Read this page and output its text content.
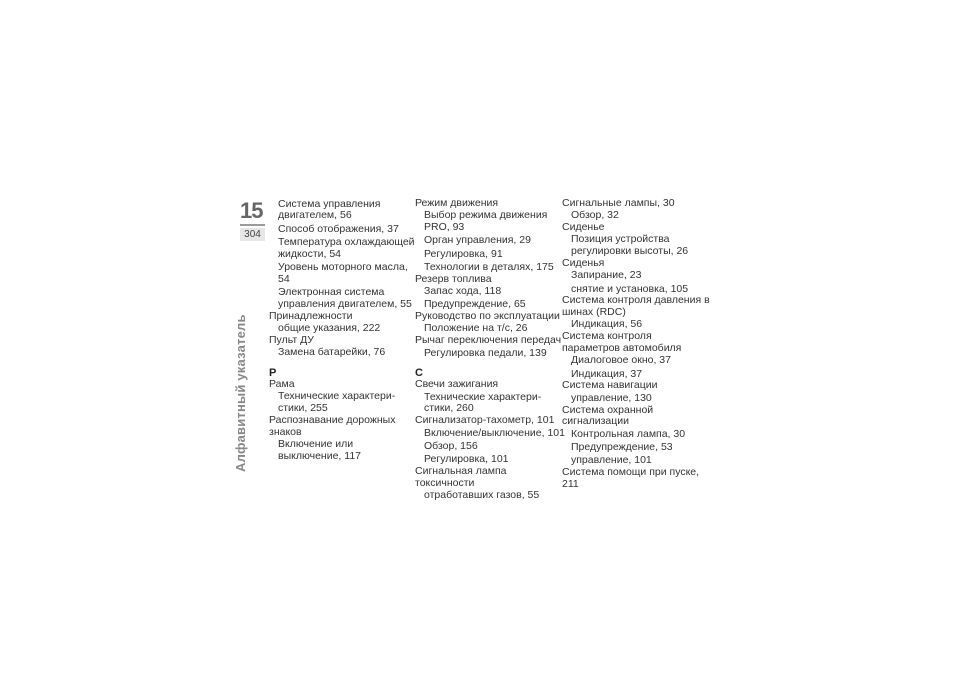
15
304
Алфавитный указатель
Система управления двигателем, 56
Способ отображения, 37
Температура охлаждающей жидкости, 54
Уровень моторного масла, 54
Электронная система управления двигателем, 55
Принадлежности
общие указания, 222
Пульт ДУ
Замена батарейки, 76
Р
Рама
Технические характери-стики, 255
Распознавание дорожных знаков
Включение или выключение, 117
Режим движения
Выбор режима движения PRO, 93
Орган управления, 29
Регулировка, 91
Технологии в деталях, 175
Резерв топлива
Запас хода, 118
Предупреждение, 65
Руководство по эксплуатации
Положение на т/с, 26
Рычаг переключения передач
Регулировка педали, 139
С
Свечи зажигания
Технические характери-стики, 260
Сигнализатор-тахометр, 101
Включение/выключение, 101
Обзор, 156
Регулировка, 101
Сигнальная лампа токсичности
отработавших газов, 55
Сигнальные лампы, 30
Обзор, 32
Сиденье
Позиция устройства регулировки высоты, 26
Сиденья
Запирание, 23
снятие и установка, 105
Система контроля давления в шинах (RDC)
Индикация, 56
Система контроля параметров автомобиля
Диалоговое окно, 37
Индикация, 37
Система навигации
управление, 130
Система охранной сигнализации
Контрольная лампа, 30
Предупреждение, 53
управление, 101
Система помощи при пуске, 211
